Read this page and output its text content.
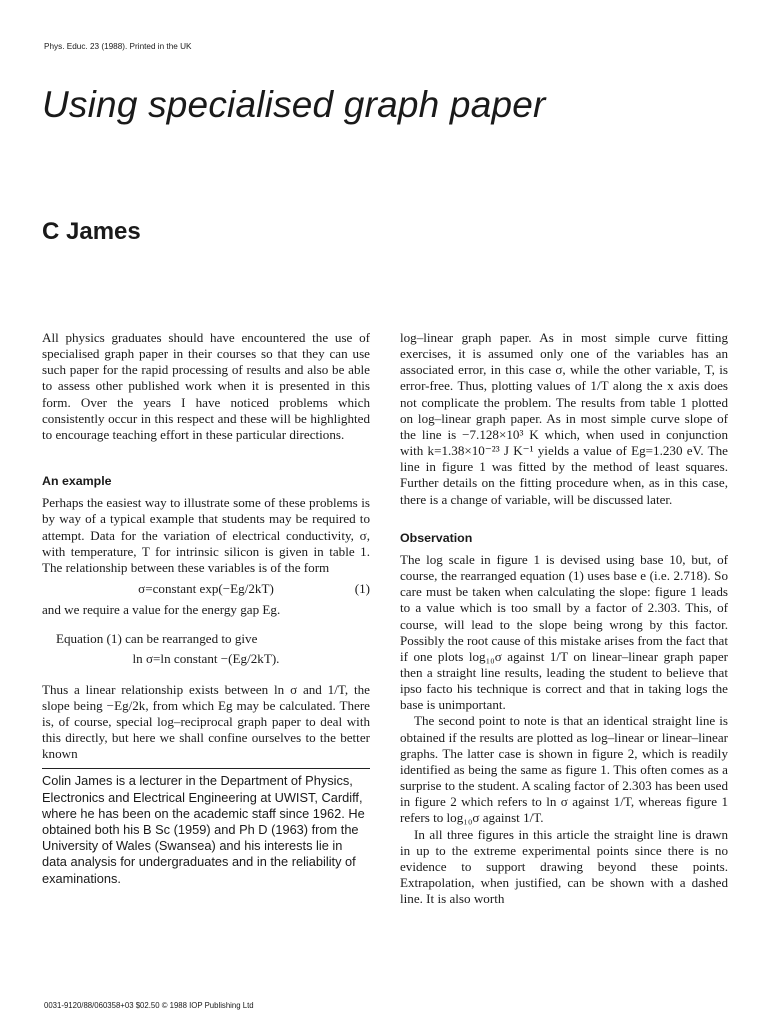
Phys. Educ. 23 (1988). Printed in the UK
Using specialised graph paper
C James

All physics graduates should have encountered the use of specialised graph paper in their courses so that they can use such paper for the rapid processing of results and also be able to assess other published work when it is presented in this form. Over the years I have noticed problems which consistently occur in this respect and these will be highlighted to encourage teaching effort in these particular directions.

An example

Perhaps the easiest way to illustrate some of these problems is by way of a typical example that students may be required to attempt. Data for the variation of electrical conductivity, σ, with temperature, T for intrinsic silicon is given in table 1. The relationship between these variables is of the form

σ=constant exp(−Eg/2kT)	(1)

and we require a value for the energy gap Eg.

Equation (1) can be rearranged to give

ln σ=ln constant −(Eg/2kT).

Thus a linear relationship exists between ln σ and 1/T, the slope being −Eg/2k, from which Eg may be calculated. There is, of course, special log–reciprocal graph paper to deal with this directly, but here we shall confine ourselves to the better known

Colin James is a lecturer in the Department of Physics, Electronics and Electrical Engineering at UWIST, Cardiff, where he has been on the academic staff since 1962. He obtained both his B Sc (1959) and Ph D (1963) from the University of Wales (Swansea) and his interests lie in data analysis for undergraduates and in the reliability of examinations.

log–linear graph paper. As in most simple curve fitting exercises, it is assumed only one of the variables has an associated error, in this case σ, while the other variable, T, is error-free. Thus, plotting values of 1/T along the x axis does not complicate the problem. The results from table 1 plotted on log–linear graph paper. As in most simple curve slope of the line is −7.128×10³ K which, when used in conjunction with k=1.38×10⁻²³ J K⁻¹ yields a value of Eg=1.230 eV. The line in figure 1 was fitted by the method of least squares. Further details on the fitting procedure when, as in this case, there is a change of variable, will be discussed later.

Observation

The log scale in figure 1 is devised using base 10, but, of course, the rearranged equation (1) uses base e (i.e. 2.718). So care must be taken when calculating the slope: figure 1 leads to a value which is too small by a factor of 2.303. This, of course, will lead to the slope being wrong by this factor. Possibly the root cause of this mistake arises from the fact that if one plots log₁₀σ against 1/T on linear–linear graph paper then a straight line results, leading the student to believe that ipso facto his technique is correct and that in taking logs the base is unimportant.

The second point to note is that an identical straight line is obtained if the results are plotted as log–linear or linear–linear graphs. The latter case is shown in figure 2, which is readily identified as being the same as figure 1. This often comes as a surprise to the student. A scaling factor of 2.303 has been used in figure 2 which refers to ln σ against 1/T, whereas figure 1 refers to log₁₀σ against 1/T.

In all three figures in this article the straight line is drawn in up to the extreme experimental points since there is no evidence to support drawing beyond these points. Extrapolation, when justified, can be shown with a dashed line. It is also worth

0031-9120/88/060358+03 $02.50 © 1988 IOP Publishing Ltd
